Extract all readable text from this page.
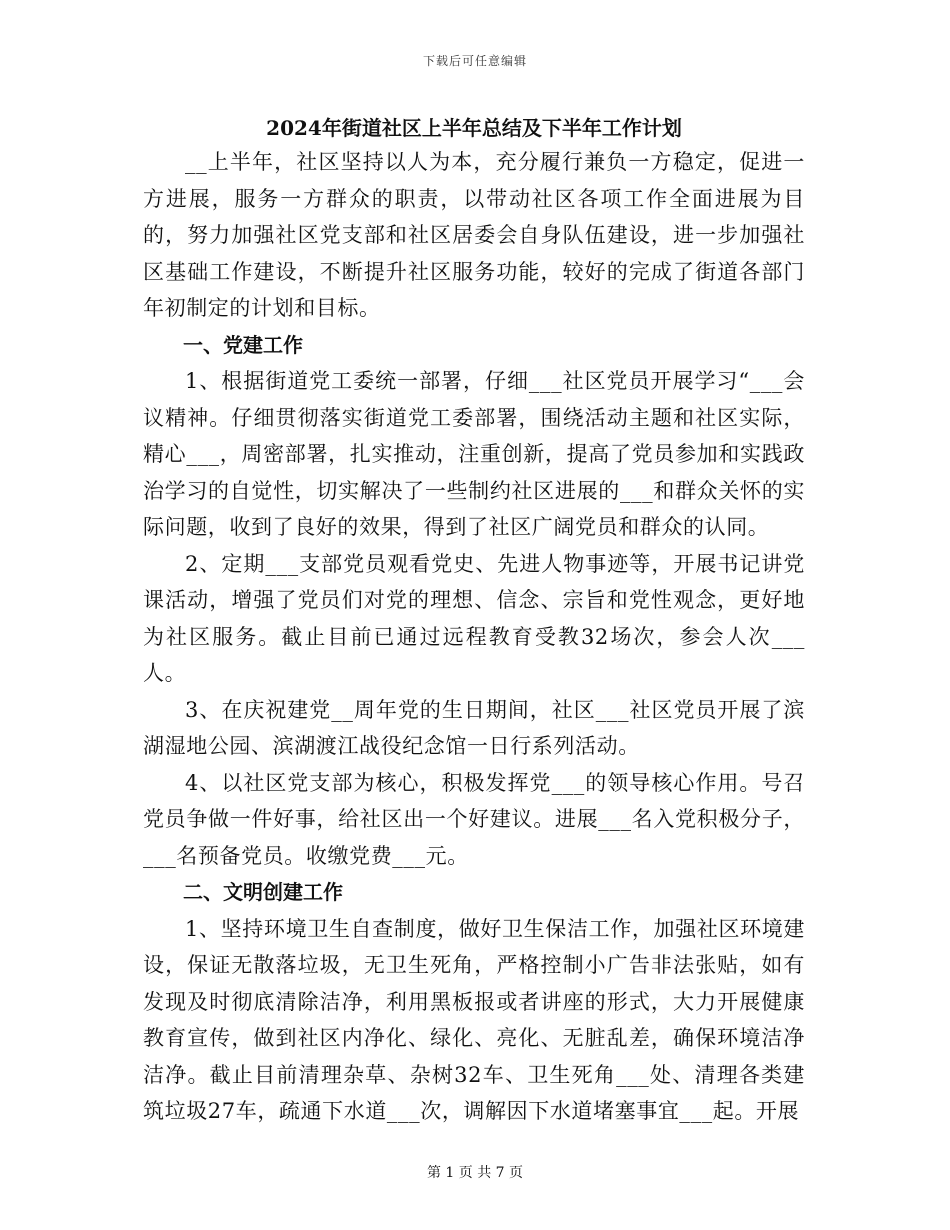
下载后可任意编辑
2024年街道社区上半年总结及下半年工作计划

__上半年，社区坚持以人为本，充分履行兼负一方稳定，促进一方进展，服务一方群众的职责，以带动社区各项工作全面进展为目的，努力加强社区党支部和社区居委会自身队伍建设，进一步加强社区基础工作建设，不断提升社区服务功能，较好的完成了街道各部门年初制定的计划和目标。

一、党建工作

1、根据街道党工委统一部署，仔细___社区党员开展学习“___会议精神。仔细贯彻落实街道党工委部署，围绕活动主题和社区实际，精心___，周密部署，扎实推动，注重创新，提高了党员参加和实践政治学习的自觉性，切实解决了一些制约社区进展的___和群众关怀的实际问题，收到了良好的效果，得到了社区广阔党员和群众的认同。

2、定期___支部党员观看党史、先进人物事迹等，开展书记讲党课活动，增强了党员们对党的理想、信念、宗旨和党性观念，更好地为社区服务。截止目前已通过远程教育受教32场次，参会人次___人。

3、在庆祝建党__周年党的生日期间，社区___社区党员开展了滨湖湿地公园、滨湖渡江战役纪念馆一日行系列活动。

4、以社区党支部为核心，积极发挥党___的领导核心作用。号召党员争做一件好事，给社区出一个好建议。进展___名入党积极分子，___名预备党员。收缴党费___元。

二、文明创建工作

1、坚持环境卫生自查制度，做好卫生保洁工作，加强社区环境建设，保证无散落垃圾，无卫生死角，严格控制小广告非法张贴，如有发现及时彻底清除洁净，利用黑板报或者讲座的形式，大力开展健康教育宣传，做到社区内净化、绿化、亮化、无脏乱差，确保环境洁净洁净。截止目前清理杂草、杂树32车、卫生死角___处、清理各类建筑垃圾27车，疏通下水道___次，调解因下水道堵塞事宜___起。开展

第 1 页 共 7 页
